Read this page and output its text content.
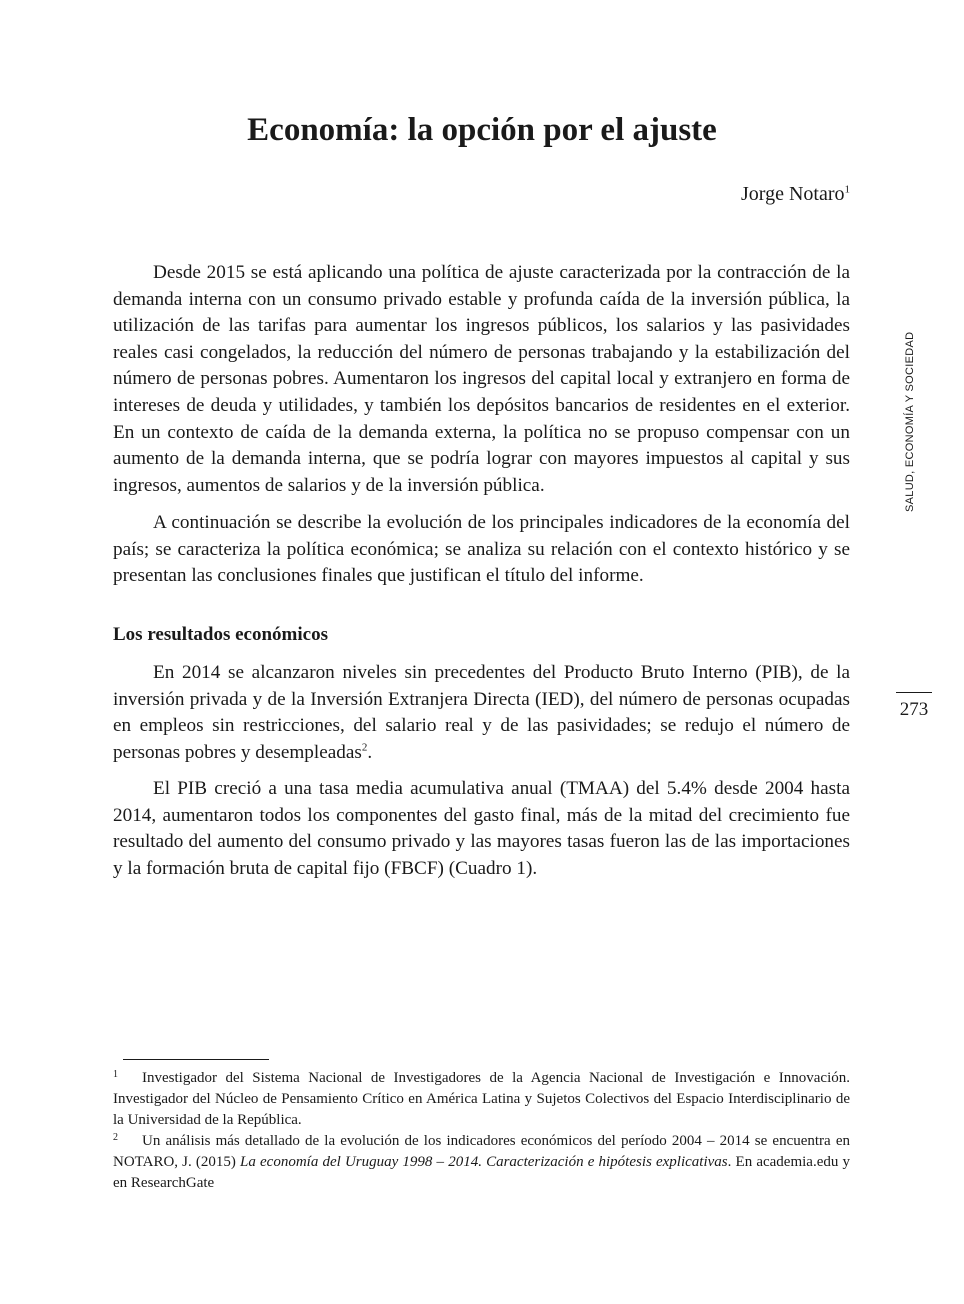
Economía: la opción por el ajuste
Jorge Notaro$^1$

Desde 2015 se está aplicando una política de ajuste caracterizada por la contracción de la demanda interna con un consumo privado estable y profunda caída de la inversión pública, la utilización de las tarifas para aumentar los ingresos públicos, los salarios y las pasividades reales casi congelados, la reducción del número de personas trabajando y la estabilización del número de personas pobres. Aumentaron los ingresos del capital local y extranjero en forma de intereses de deuda y utilidades, y también los depósitos bancarios de residentes en el exterior. En un contexto de caída de la demanda externa, la política no se propuso compensar con un aumento de la demanda interna, que se podría lograr con mayores impuestos al capital y sus ingresos, aumentos de salarios y de la inversión pública.

A continuación se describe la evolución de los principales indicadores de la economía del país; se caracteriza la política económica; se analiza su relación con el contexto histórico y se presentan las conclusiones finales que justifican el título del informe.

Los resultados económicos

En 2014 se alcanzaron niveles sin precedentes del Producto Bruto Interno (PIB), de la inversión privada y de la Inversión Extranjera Directa (IED), del número de personas ocupadas en empleos sin restricciones, del salario real y de las pasividades; se redujo el número de personas pobres y desempleadas$^2$.

El PIB creció a una tasa media acumulativa anual (TMAA) del 5.4% desde 2004 hasta 2014, aumentaron todos los componentes del gasto final, más de la mitad del crecimiento fue resultado del aumento del consumo privado y las mayores tasas fueron las de las importaciones y la formación bruta de capital fijo (FBCF) (Cuadro 1).

SALUD, ECONOMÍA Y SOCIEDAD
273

1 Investigador del Sistema Nacional de Investigadores de la Agencia Nacional de Investigación e Innovación. Investigador del Núcleo de Pensamiento Crítico en América Latina y Sujetos Colectivos del Espacio Interdisciplinario de la Universidad de la República.

2 Un análisis más detallado de la evolución de los indicadores económicos del período 2004 – 2014 se encuentra en NOTARO, J. (2015) La economía del Uruguay 1998 – 2014. Caracterización e hipótesis explicativas. En academia.edu y en ResearchGate
